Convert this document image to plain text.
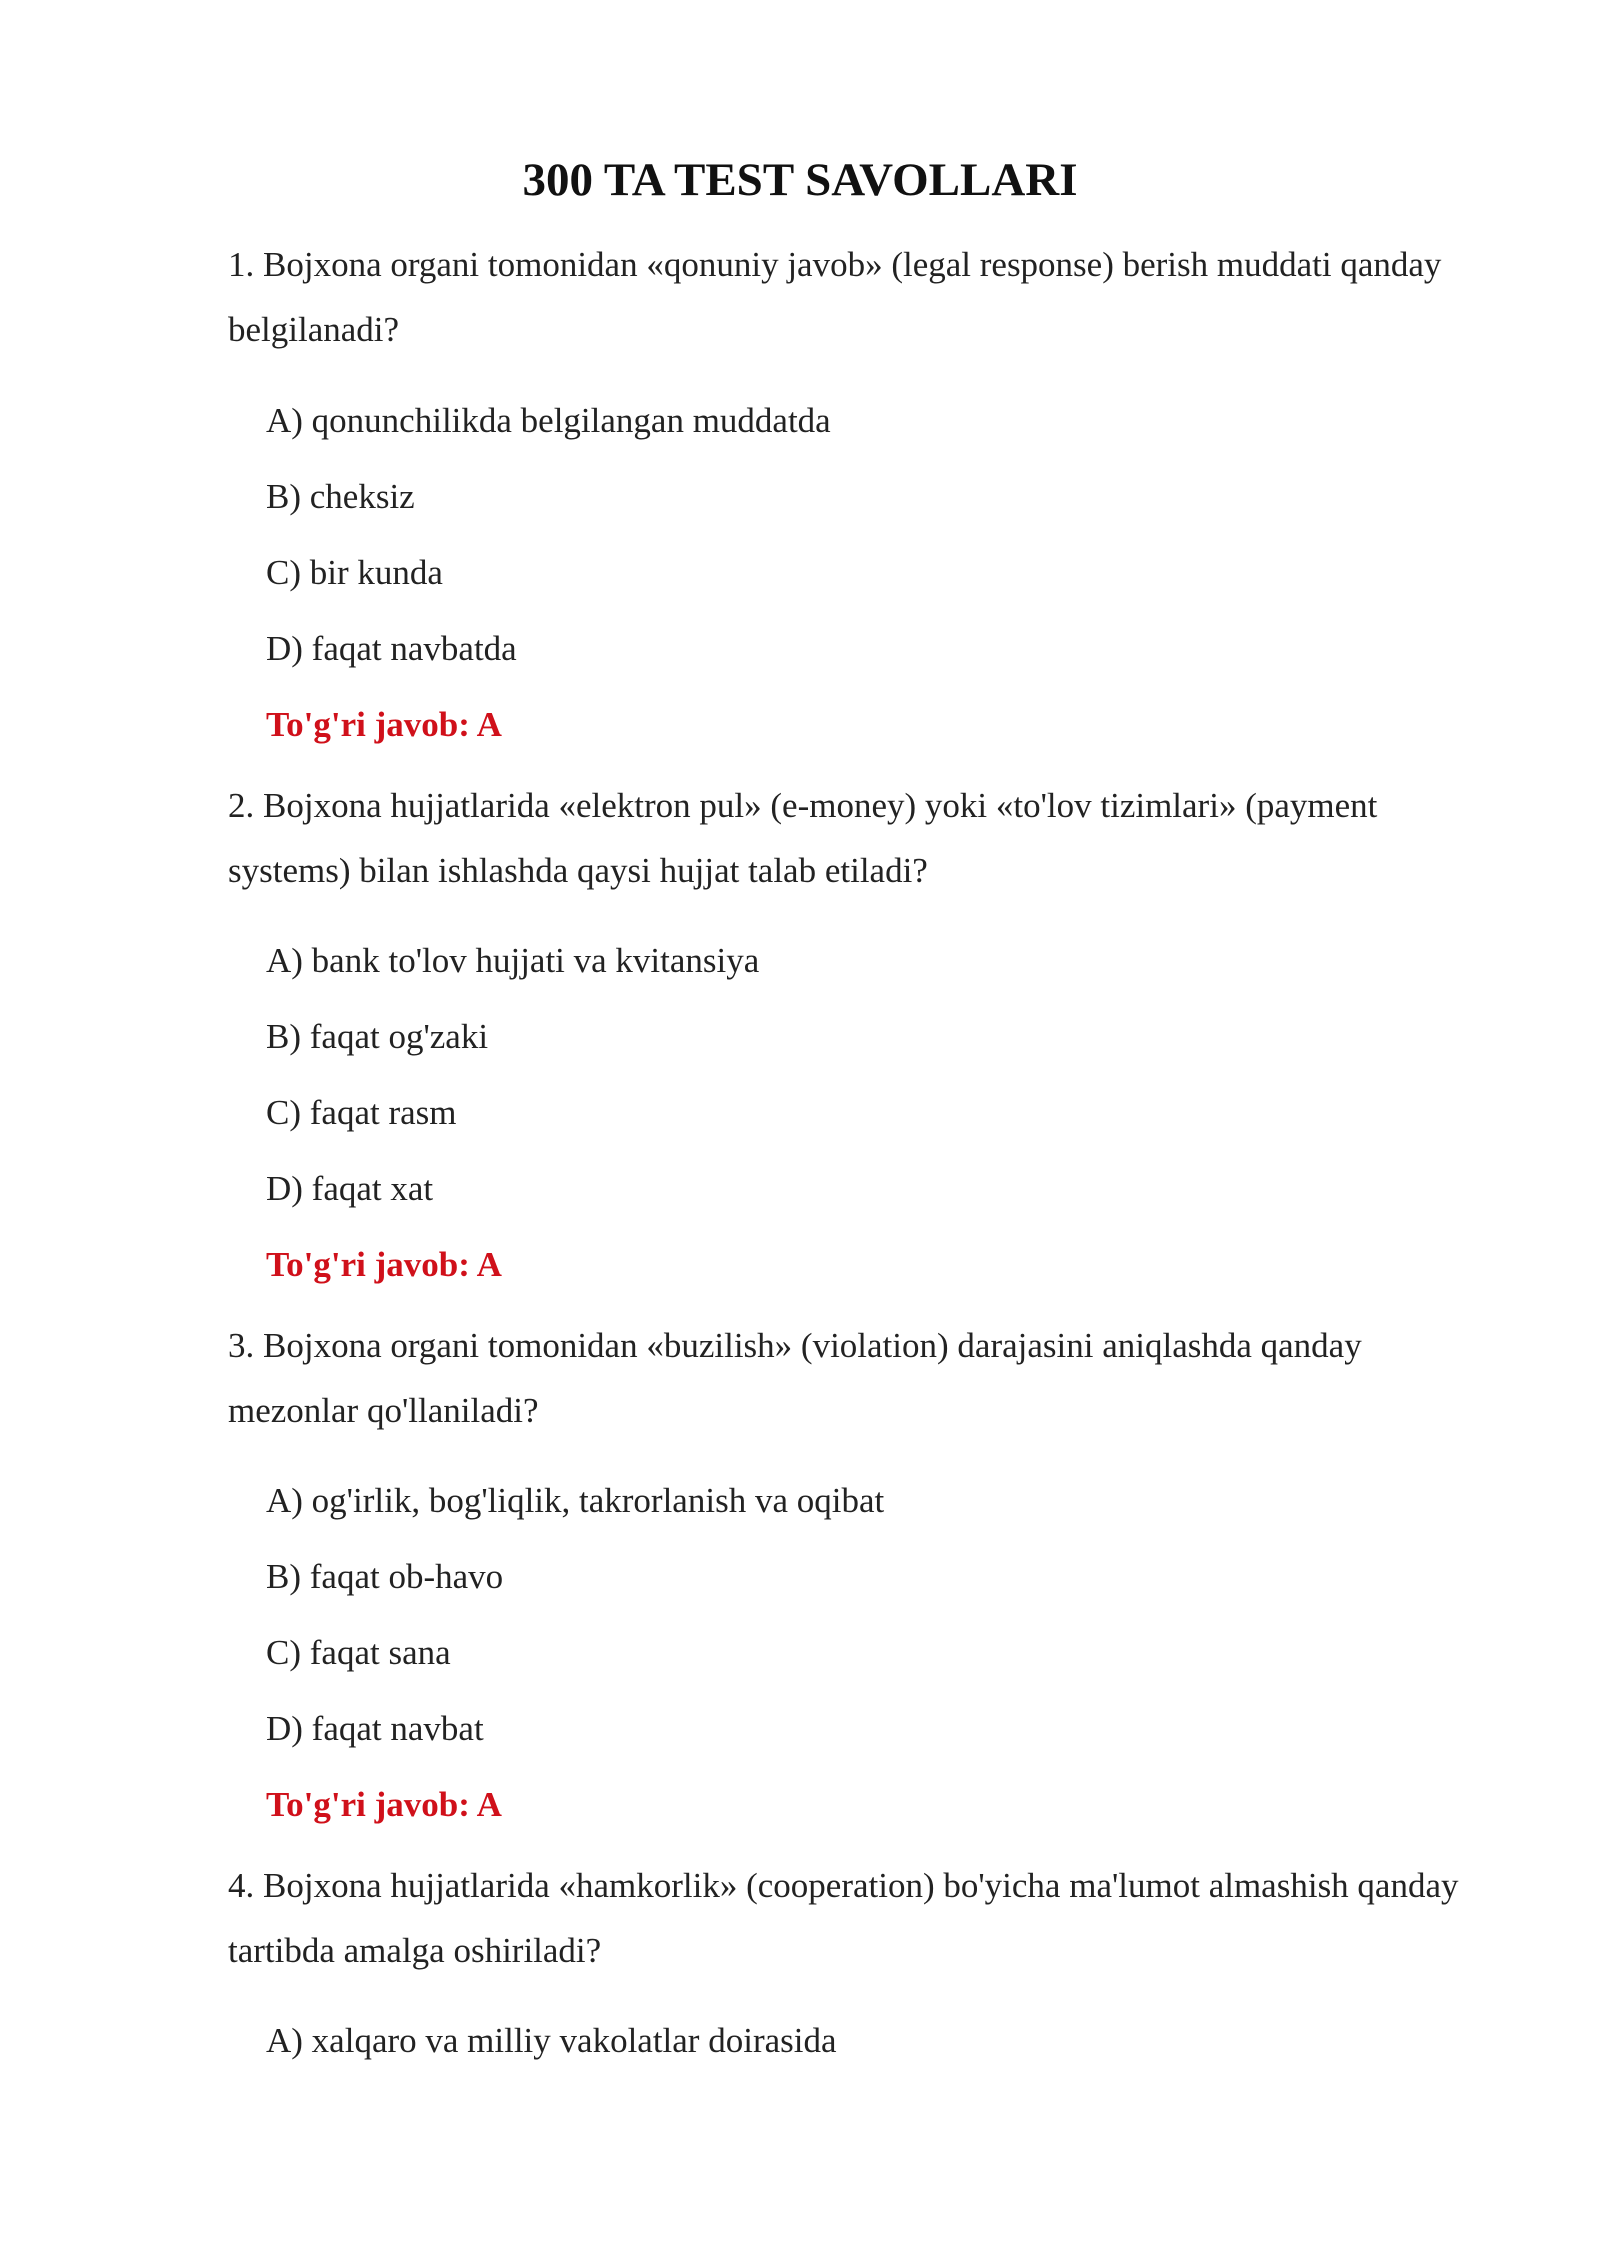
300 TA TEST SAVOLLARI

1. Bojxona organi tomonidan «qonuniy javob» (legal response) berish muddati qanday belgilanadi?

A) qonunchilikda belgilangan muddatda

B) cheksiz

C) bir kunda

D) faqat navbatda

To'g'ri javob: A

2. Bojxona hujjatlarida «elektron pul» (e-money) yoki «to'lov tizimlari» (payment systems) bilan ishlashda qaysi hujjat talab etiladi?

A) bank to'lov hujjati va kvitansiya

B) faqat og'zaki

C) faqat rasm

D) faqat xat

To'g'ri javob: A

3. Bojxona organi tomonidan «buzilish» (violation) darajasini aniqlashda qanday mezonlar qo'llaniladi?

A) og'irlik, bog'liqlik, takrorlanish va oqibat

B) faqat ob-havo

C) faqat sana

D) faqat navbat

To'g'ri javob: A

4. Bojxona hujjatlarida «hamkorlik» (cooperation) bo'yicha ma'lumot almashish qanday tartibda amalga oshiriladi?

A) xalqaro va milliy vakolatlar doirasida
